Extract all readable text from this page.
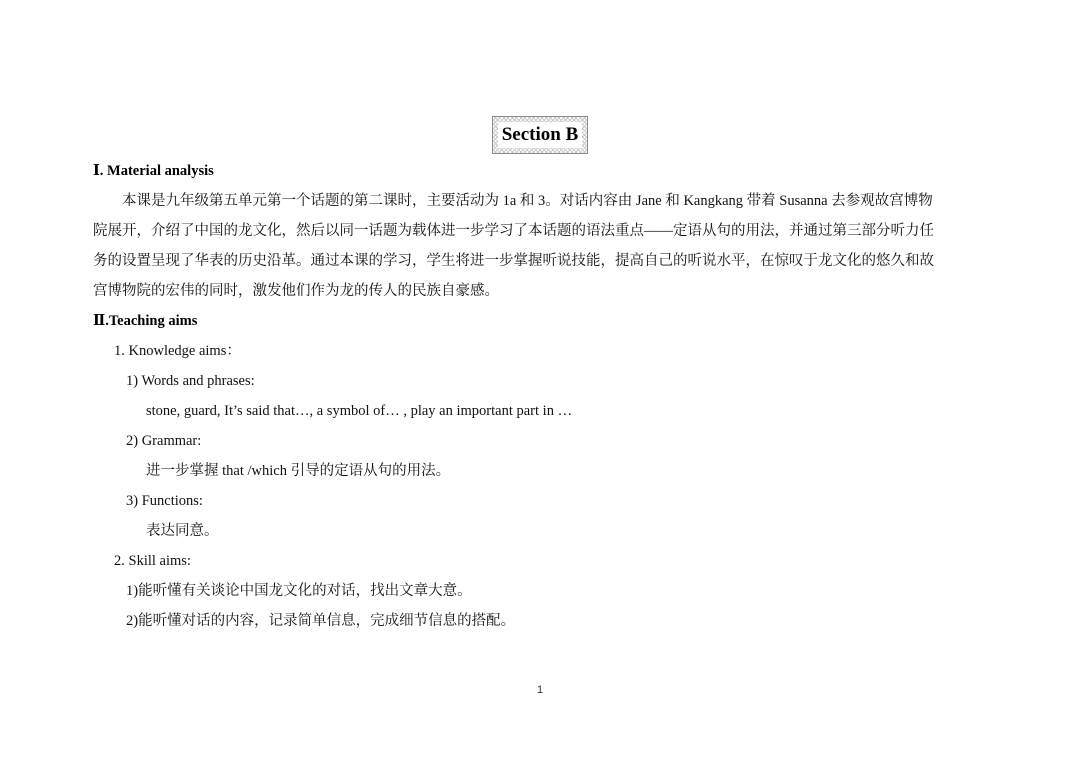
Section B
Ⅰ. Material analysis
本课是九年级第五单元第一个话题的第二课时，主要活动为 1a 和 3。对话内容由 Jane 和 Kangkang 带着 Susanna 去参观故宫博物
院展开，介绍了中国的龙文化，然后以同一话题为载体进一步学习了本话题的语法重点——定语从句的用法，并通过第三部分听力任
务的设置呈现了华表的历史沿革。通过本课的学习，学生将进一步掌握听说技能，提高自己的听说水平，在惊叹于龙文化的悠久和故
宫博物院的宏伟的同时，激发他们作为龙的传人的民族自豪感。
Ⅱ.Teaching aims
1. Knowledge aims：
1) Words and phrases:
stone, guard, It’s said that…, a symbol of… , play an important part in …
2) Grammar:
进一步掌握 that /which 引导的定语从句的用法。
3) Functions:
表达同意。
2. Skill aims:
1)能听懂有关谈论中国龙文化的对话，找出文章大意。
2)能听懂对话的内容，记录简单信息，完成细节信息的搭配。
1
